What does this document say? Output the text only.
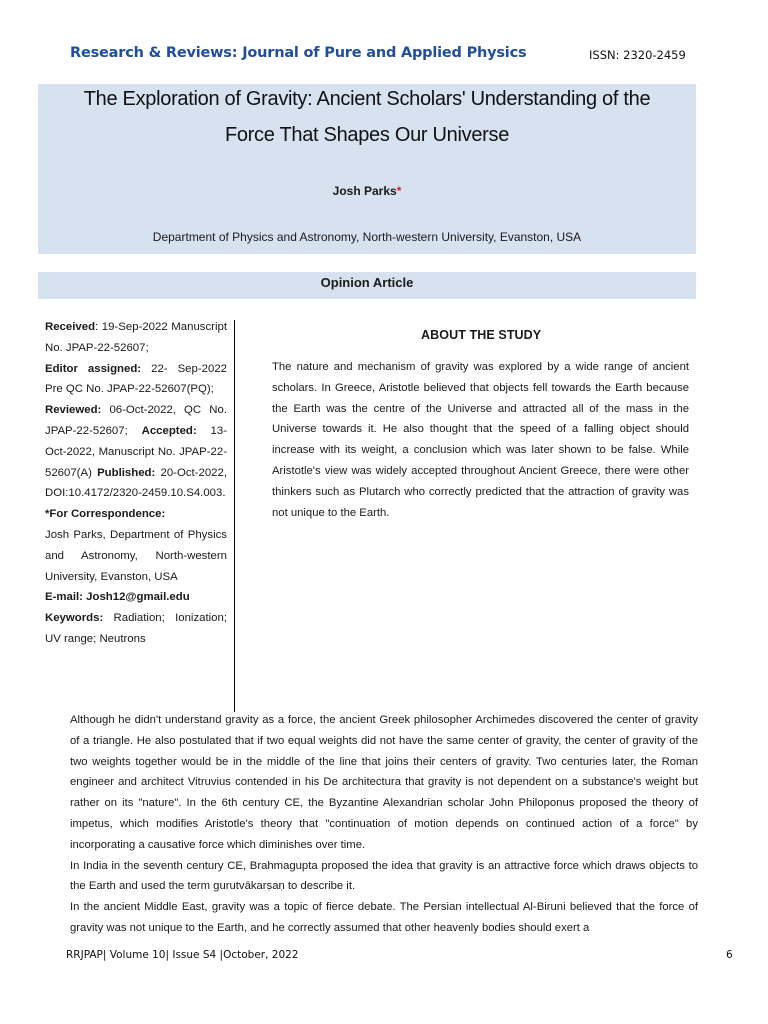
Research & Reviews: Journal of Pure and Applied Physics	ISSN: 2320-2459
The Exploration of Gravity: Ancient Scholars' Understanding of the
Force That Shapes Our Universe
Josh Parks*
Department of Physics and Astronomy, North-western University, Evanston, USA
Opinion Article
Received: 19-Sep-2022 Manuscript No. JPAP-22-52607;
Editor assigned: 22- Sep-2022 Pre QC No. JPAP-22-52607(PQ);
Reviewed: 06-Oct-2022, QC No. JPAP-22-52607; Accepted: 13-Oct-2022, Manuscript No. JPAP-22-52607(A) Published: 20-Oct-2022, DOI:10.4172/2320-2459.10.S4.003.
*For Correspondence:
Josh Parks, Department of Physics and Astronomy, North-western University, Evanston, USA
E-mail: Josh12@gmail.edu
Keywords: Radiation; Ionization; UV range; Neutrons
ABOUT THE STUDY
The nature and mechanism of gravity was explored by a wide range of ancient scholars. In Greece, Aristotle believed that objects fell towards the Earth because the Earth was the centre of the Universe and attracted all of the mass in the Universe towards it. He also thought that the speed of a falling object should increase with its weight, a conclusion which was later shown to be false. While Aristotle's view was widely accepted throughout Ancient Greece, there were other thinkers such as Plutarch who correctly predicted that the attraction of gravity was not unique to the Earth.

Although he didn't understand gravity as a force, the ancient Greek philosopher Archimedes discovered the center of gravity of a triangle. He also postulated that if two equal weights did not have the same center of gravity, the center of gravity of the two weights together would be in the middle of the line that joins their centers of gravity. Two centuries later, the Roman engineer and architect Vitruvius contended in his De architectura that gravity is not dependent on a substance's weight but rather on its "nature". In the 6th century CE, the Byzantine Alexandrian scholar John Philoponus proposed the theory of impetus, which modifies Aristotle's theory that "continuation of motion depends on continued action of a force" by incorporating a causative force which diminishes over time.

In India in the seventh century CE, Brahmagupta proposed the idea that gravity is an attractive force which draws objects to the Earth and used the term gurutvākarṣaṇ to describe it.

In the ancient Middle East, gravity was a topic of fierce debate. The Persian intellectual Al-Biruni believed that the force of gravity was not unique to the Earth, and he correctly assumed that other heavenly bodies should exert a

RRJPAP| Volume 10| Issue S4 |October, 2022	6
